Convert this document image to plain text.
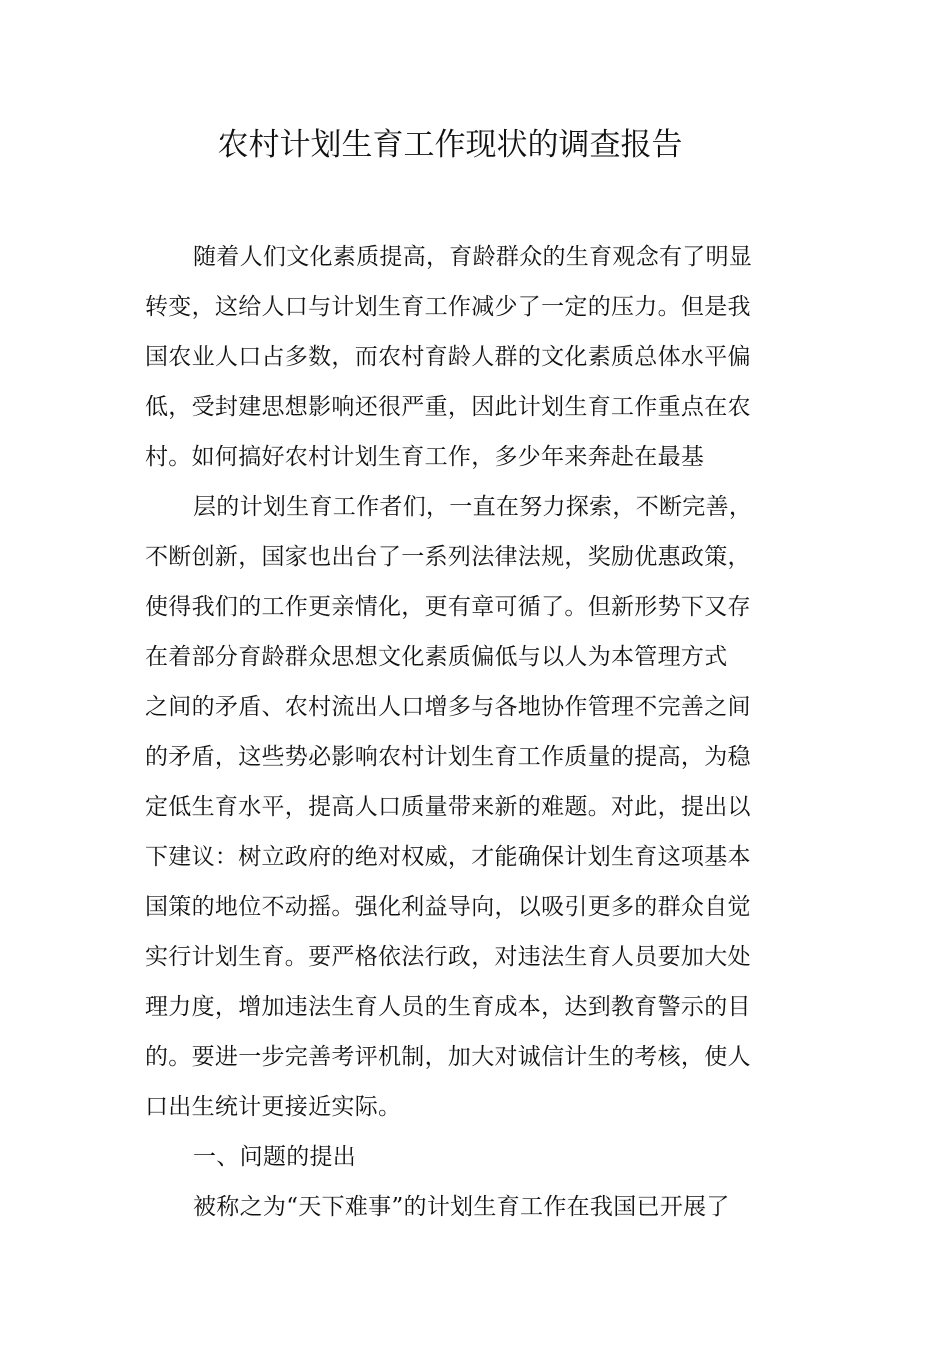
农村计划生育工作现状的调查报告
随着人们文化素质提高，育龄群众的生育观念有了明显
转变，这给人口与计划生育工作减少了一定的压力。但是我
国农业人口占多数，而农村育龄人群的文化素质总体水平偏
低，受封建思想影响还很严重，因此计划生育工作重点在农
村。如何搞好农村计划生育工作，多少年来奔赴在最基
层的计划生育工作者们，一直在努力探索，不断完善，
不断创新，国家也出台了一系列法律法规，奖励优惠政策，
使得我们的工作更亲情化，更有章可循了。但新形势下又存
在着部分育龄群众思想文化素质偏低与以人为本管理方式
之间的矛盾、农村流出人口增多与各地协作管理不完善之间
的矛盾，这些势必影响农村计划生育工作质量的提高，为稳
定低生育水平，提高人口质量带来新的难题。对此，提出以
下建议：树立政府的绝对权威，才能确保计划生育这项基本
国策的地位不动摇。强化利益导向，以吸引更多的群众自觉
实行计划生育。要严格依法行政，对违法生育人员要加大处
理力度，增加违法生育人员的生育成本，达到教育警示的目
的。要进一步完善考评机制，加大对诚信计生的考核，使人
口出生统计更接近实际。
一、问题的提出
被称之为“天下难事”的计划生育工作在我国已开展了
